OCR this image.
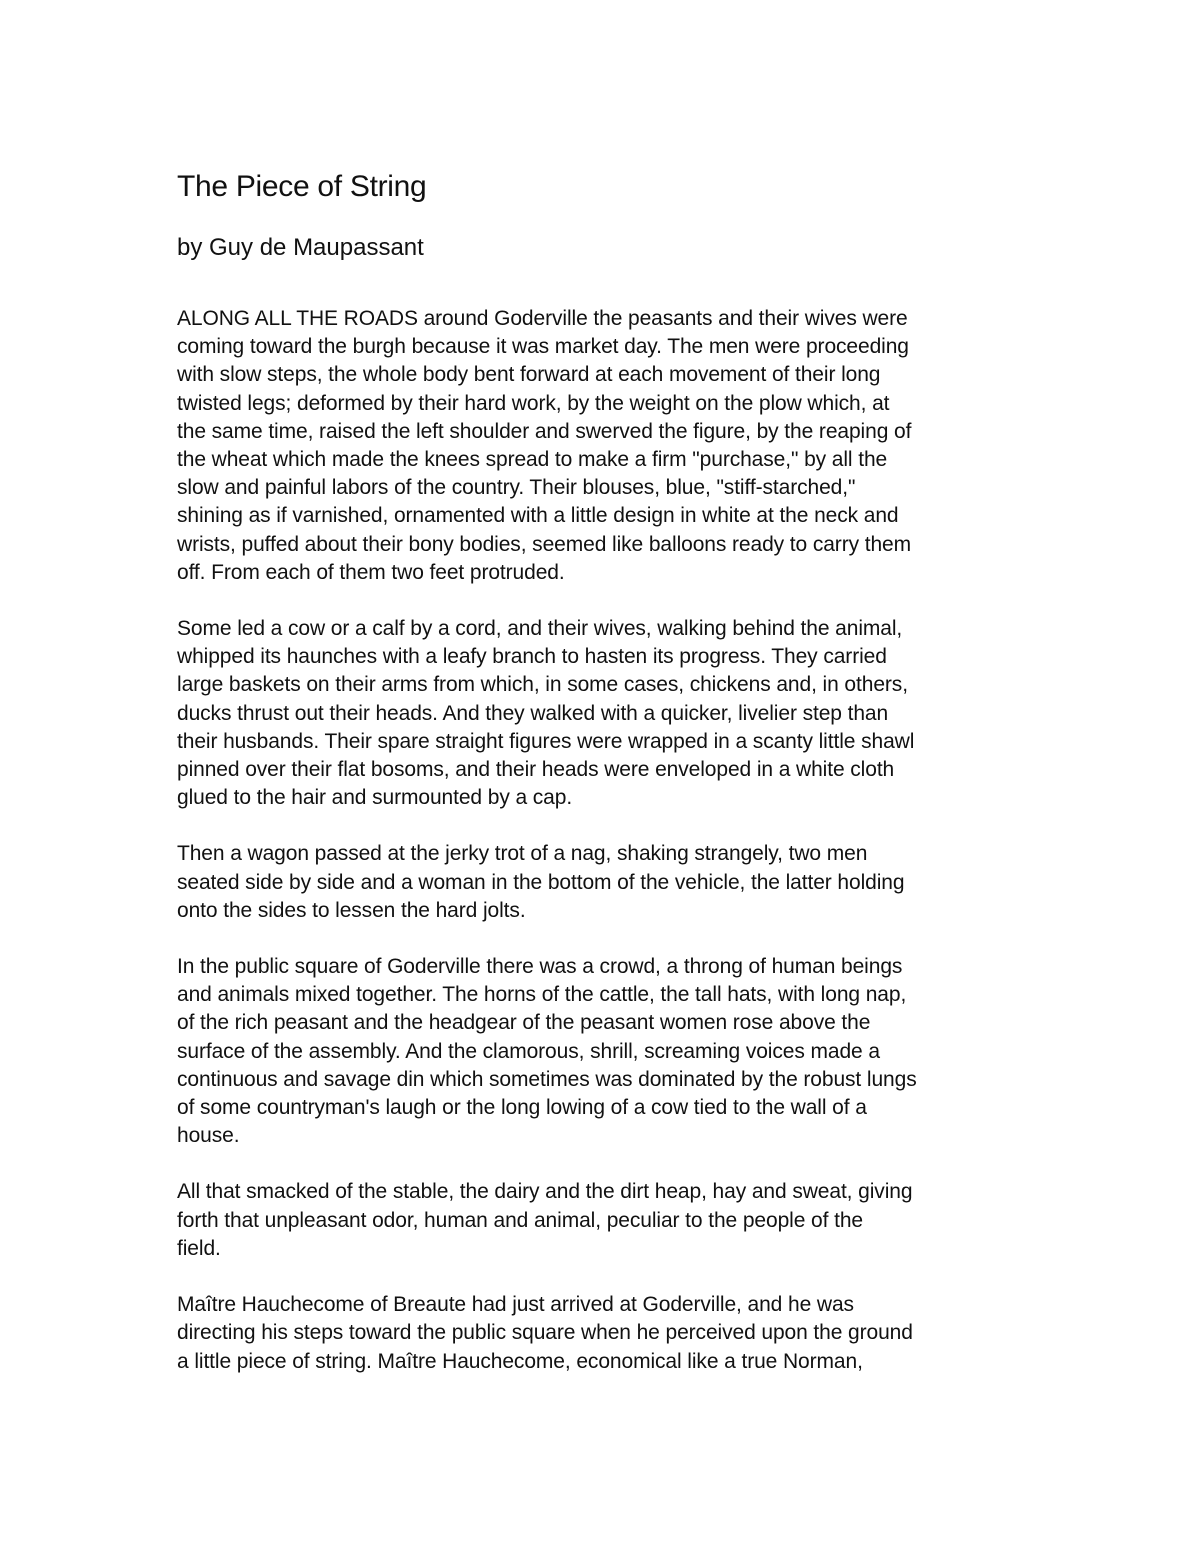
The Piece of String
by Guy de Maupassant

ALONG ALL THE ROADS around Goderville the peasants and their wives were
coming toward the burgh because it was market day. The men were proceeding
with slow steps, the whole body bent forward at each movement of their long
twisted legs; deformed by their hard work, by the weight on the plow which, at
the same time, raised the left shoulder and swerved the figure, by the reaping of
the wheat which made the knees spread to make a firm "purchase," by all the
slow and painful labors of the country. Their blouses, blue, "stiff-starched,"
shining as if varnished, ornamented with a little design in white at the neck and
wrists, puffed about their bony bodies, seemed like balloons ready to carry them
off. From each of them two feet protruded.

Some led a cow or a calf by a cord, and their wives, walking behind the animal,
whipped its haunches with a leafy branch to hasten its progress. They carried
large baskets on their arms from which, in some cases, chickens and, in others,
ducks thrust out their heads. And they walked with a quicker, livelier step than
their husbands. Their spare straight figures were wrapped in a scanty little shawl
pinned over their flat bosoms, and their heads were enveloped in a white cloth
glued to the hair and surmounted by a cap.

Then a wagon passed at the jerky trot of a nag, shaking strangely, two men
seated side by side and a woman in the bottom of the vehicle, the latter holding
onto the sides to lessen the hard jolts.

In the public square of Goderville there was a crowd, a throng of human beings
and animals mixed together. The horns of the cattle, the tall hats, with long nap,
of the rich peasant and the headgear of the peasant women rose above the
surface of the assembly. And the clamorous, shrill, screaming voices made a
continuous and savage din which sometimes was dominated by the robust lungs
of some countryman's laugh or the long lowing of a cow tied to the wall of a
house.

All that smacked of the stable, the dairy and the dirt heap, hay and sweat, giving
forth that unpleasant odor, human and animal, peculiar to the people of the
field.

Maître Hauchecome of Breaute had just arrived at Goderville, and he was
directing his steps toward the public square when he perceived upon the ground
a little piece of string. Maître Hauchecome, economical like a true Norman,
